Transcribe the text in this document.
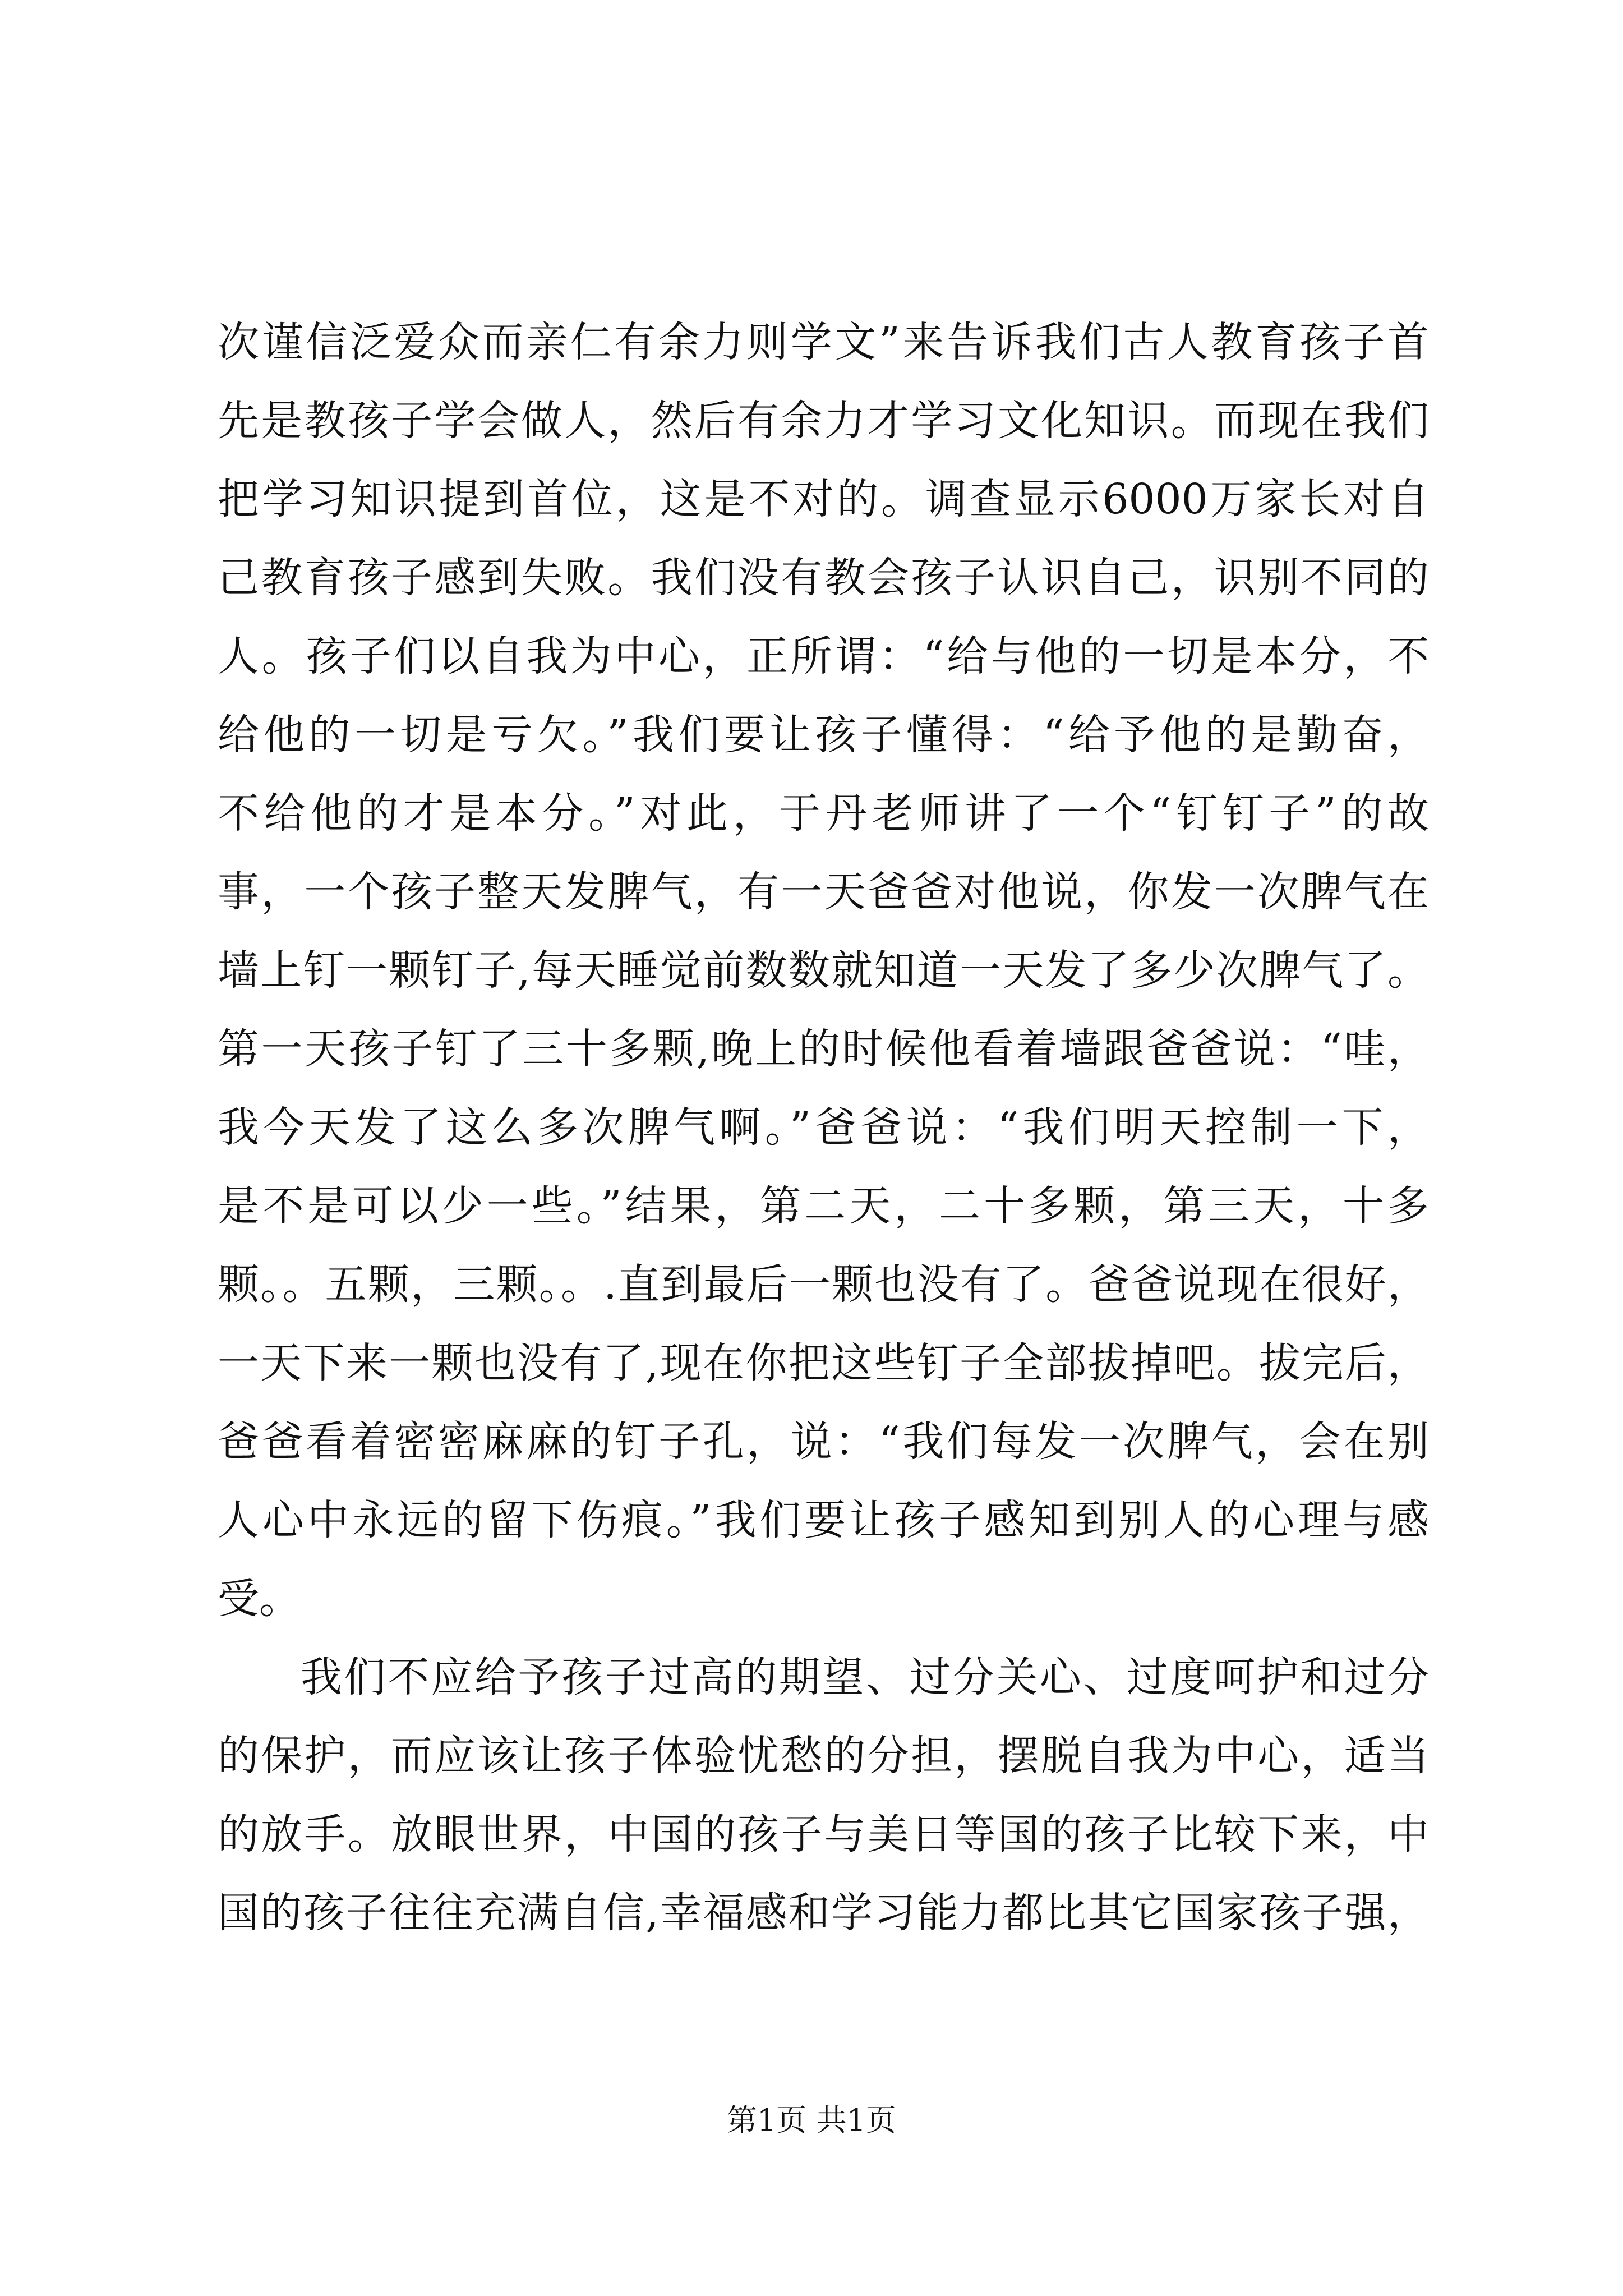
次谨信泛爱众而亲仁有余力则学文”来告诉我们古人教育孩子首
先是教孩子学会做人，然后有余力才学习文化知识。而现在我们
把学习知识提到首位，这是不对的。调查显示6000万家长对自
己教育孩子感到失败。我们没有教会孩子认识自己，识别不同的
人。孩子们以自我为中心，正所谓：“给与他的一切是本分，不
给他的一切是亏欠。”我们要让孩子懂得：“给予他的是勤奋，
不给他的才是本分。”对此，于丹老师讲了一个“钉钉子”的故
事，一个孩子整天发脾气，有一天爸爸对他说，你发一次脾气在
墙上钉一颗钉子,每天睡觉前数数就知道一天发了多少次脾气了。
第一天孩子钉了三十多颗,晚上的时候他看着墙跟爸爸说：“哇，
我今天发了这么多次脾气啊。”爸爸说：“我们明天控制一下，
是不是可以少一些。”结果，第二天，二十多颗，第三天，十多
颗。。五颗，三颗。。.直到最后一颗也没有了。爸爸说现在很好，
一天下来一颗也没有了,现在你把这些钉子全部拔掉吧。拔完后，
爸爸看着密密麻麻的钉子孔，说：“我们每发一次脾气，会在别
人心中永远的留下伤痕。”我们要让孩子感知到别人的心理与感
受。
我们不应给予孩子过高的期望、过分关心、过度呵护和过分
的保护，而应该让孩子体验忧愁的分担，摆脱自我为中心，适当
的放手。放眼世界，中国的孩子与美日等国的孩子比较下来，中
国的孩子往往充满自信,幸福感和学习能力都比其它国家孩子强，
第1页 共1页
